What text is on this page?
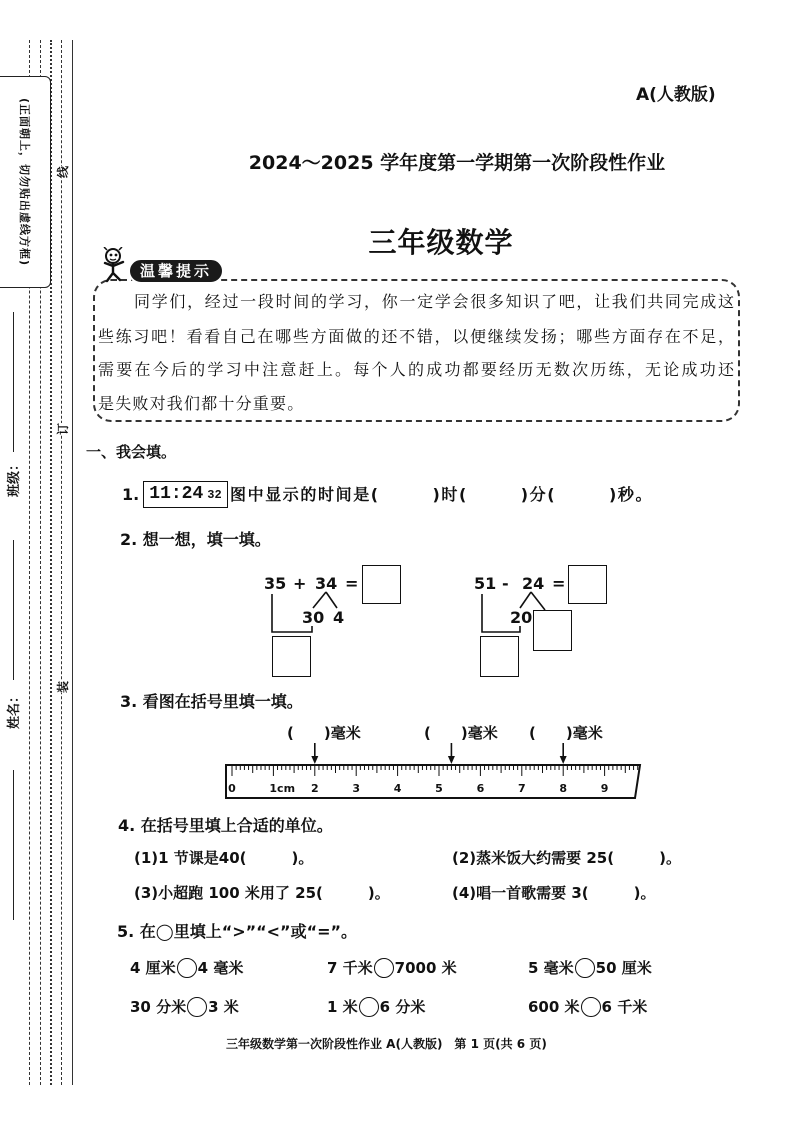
(正面朝上，切勿贴出虚线方框)
班级：
姓名：
线
订
装
A(人教版)
2024～2025 学年度第一学期第一次阶段性作业
三年级数学
温馨提示
同学们，经过一段时间的学习，你一定学会很多知识了吧，让我们共同完成这
些练习吧！看看自己在哪些方面做的还不错，以便继续发扬；哪些方面存在不足，
需要在今后的学习中注意赶上。每个人的成功都要经历无数次历练，无论成功还
是失败对我们都十分重要。
一、我会填。
1. 11:24 32 图中显示的时间是(　　　)时(　　　)分(　　　)秒。
2. 想一想，填一填。
35 + 34 =
30 4
51 - 24 =
20
3. 看图在括号里填一填。
(　　)毫米	(　　)毫米 (　　)毫米
0	1cm 2	3	4	5	6	7	8	9
4. 在括号里填上合适的单位。
(1)1 节课是40(　　　)。	(2)蒸米饭大约需要 25(　　　)。
(3)小超跑 100 米用了 25(　　　)。	(4)唱一首歌需要 3(　　　)。
5. 在◯里填上“>”“<”或“=”。
4 厘米 4 毫米	7 千米 7000 米	5 毫米 50 厘米
30 分米 3 米	1 米 6 分米	600 米 6 千米
三年级数学第一次阶段性作业 A(人教版)　第 1 页(共 6 页)
